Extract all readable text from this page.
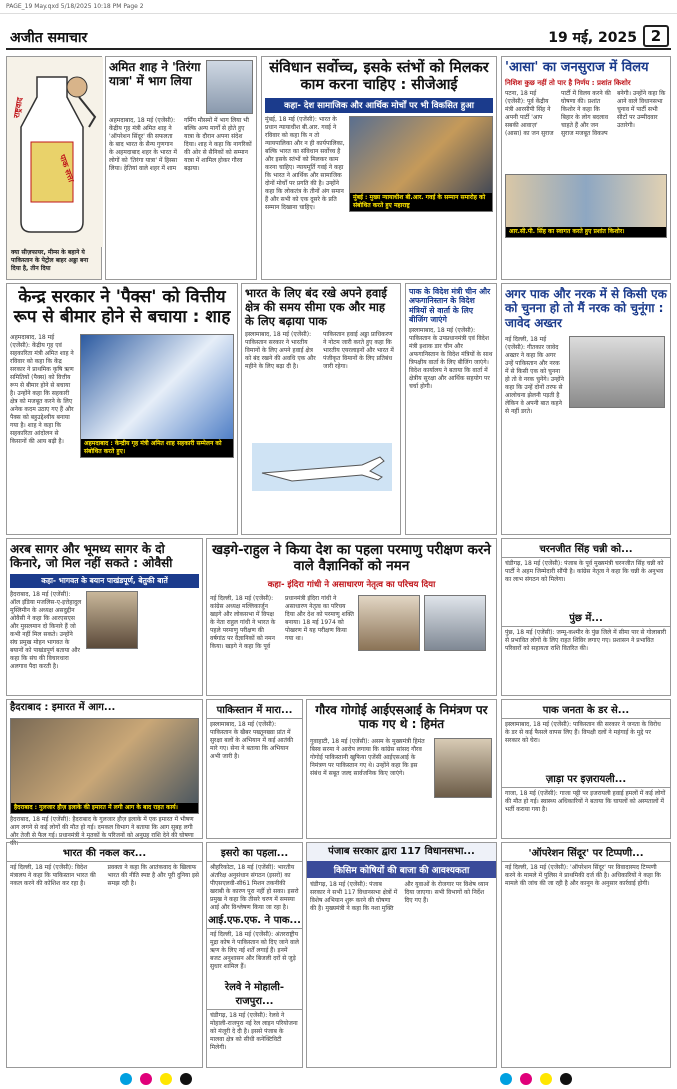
PAGE_19 May.qxd 5/18/2025 10:18 PM Page 2
अजीत समाचार	19 मई, 2025 2
राष्ट्रवाद
पाक सत्ता
क्या सीज़फायर, मीम्स के बहाने ये पाकिस्तान के पेट्रोल बाहर अड्डा बना दिया है, तीन दिया
अमित शाह ने 'तिरंगा यात्रा' में भाग लिया
अहमदाबाद, 18 मई (एजेंसी): केंद्रीय गृह मंत्री अमित शाह ने 'ऑपरेशन सिंदूर' की सफलता के बाद भारत के सैन्य गुणगान के अहमदाबाद शहर के भारत में लोगों को 'तिरंगा यात्रा' में हिस्सा लिया। हेतियां वाले शहर में शाम गर्मिंग मौसमों में भाग लिया भी बल्कि अन्य मार्गों से होते हुए यात्रा के दौरान अपना संदेश दिया। शाह ने कहा कि नागरिकों की ओर से सैनिकों को सम्मान यात्रा में शामिल होकर गौरव बढ़ाया।
संविधान सर्वोच्च, इसके स्तंभों को मिलकर काम करना चाहिए : सीजेआई
कहा- देश सामाजिक और आर्थिक मोर्चों पर भी विकसित हुआ
मुंबई, 18 मई (एजेंसी): भारत के प्रधान न्यायाधीश बी.आर. गवई ने रविवार को कहा कि न तो न्यायपालिका और न ही कार्यपालिका, बल्कि भारत का संविधान सर्वोच्च है और इसके स्तंभों को मिलकर काम करना चाहिए। न्यायमूर्ति गवई ने कहा कि भारत ने आर्थिक और सामाजिक दोनों मोर्चों पर प्रगति की है। उन्होंने कहा कि लोकतंत्र के तीनों अंग समान हैं और सभी को एक दूसरे के प्रति सम्मान दिखाना चाहिए।
मुंबई : मुख्य न्यायाधीश बी.आर. गवई के सम्मान समारोह को संबोधित करते हुए महाराष्ट्र
'आसा' का जनसुराज में विलय
निशिश कुछ नहीं तो पार है निर्णय : प्रशांत किशोर
पटना, 18 मई (एजेंसी): पूर्व केंद्रीय मंत्री आरसीपी सिंह ने अपनी पार्टी 'आप सबकी आवाज़' (आसा) का जन सुराज पार्टी में विलय करने की घोषणा की। प्रशांत किशोर ने कहा कि बिहार के लोग बदलाव चाहते हैं और जन सुराज मजबूत विकल्प बनेगी। उन्होंने कहा कि आने वाले विधानसभा चुनाव में पार्टी सभी सीटों पर उम्मीदवार उतारेगी।
आर.सी.पी. सिंह का स्वागत करते हुए प्रशांत किशोर।
केन्द्र सरकार ने 'पैक्स' को वित्तीय रूप से बीमार होने से बचाया : शाह
अहमदाबाद, 18 मई (एजेंसी): केंद्रीय गृह एवं सहकारिता मंत्री अमित शाह ने रविवार को कहा कि केंद्र सरकार ने प्राथमिक कृषि ऋण समितियों (पैक्स) को वित्तीय रूप से बीमार होने से बचाया है। उन्होंने कहा कि सहकारी क्षेत्र को मजबूत करने के लिए अनेक कदम उठाए गए हैं और पैक्स को बहुउद्देश्यीय बनाया गया है। शाह ने कहा कि सहकारिता आंदोलन से किसानों की आय बढ़ी है।	अहमदाबाद : केन्द्रीय गृह मंत्री अमित शाह सहकारी सम्मेलन को संबोधित करते हुए।
भारत के लिए बंद रखे अपने हवाई क्षेत्र की समय सीमा एक और माह के लिए बढ़ाया पाक
इस्लामाबाद, 18 मई (एजेंसी): पाकिस्तान सरकार ने भारतीय विमानों के लिए अपने हवाई क्षेत्र को बंद रखने की अवधि एक और महीने के लिए बढ़ा दी है। पाकिस्तान हवाई अड्डा प्राधिकरण ने नोटम जारी करते हुए कहा कि भारतीय एयरलाइनों और भारत में पंजीकृत विमानों के लिए प्रतिबंध जारी रहेगा।
पाक के विदेश मंत्री चीन और अफगानिस्तान के विदेश मंत्रियों से वार्ता के लिए बीजिंग जाएंगे
इस्लामाबाद, 18 मई (एजेंसी): पाकिस्तान के उपप्रधानमंत्री एवं विदेश मंत्री इशाक डार चीन और अफगानिस्तान के विदेश मंत्रियों के साथ त्रिपक्षीय वार्ता के लिए बीजिंग जाएंगे। विदेश कार्यालय ने बताया कि वार्ता में क्षेत्रीय सुरक्षा और आर्थिक सहयोग पर चर्चा होगी।
अगर पाक और नरक में से किसी एक को चुनना हो तो मैं नरक को चुनूंगा : जावेद अख्तर
नई दिल्ली, 18 मई (एजेंसी): गीतकार जावेद अख्तर ने कहा कि अगर उन्हें पाकिस्तान और नरक में से किसी एक को चुनना हो तो वे नरक चुनेंगे। उन्होंने कहा कि उन्हें दोनों तरफ से आलोचना झेलनी पड़ती है लेकिन वे अपनी बात कहने से नहीं डरते।
अरब सागर और भूमध्य सागर के दो किनारे, जो मिल नहीं सकते : ओवैसी
कहा- भागवत के बयान पाखंडपूर्ण, बेतुकी बातें
हैदराबाद, 18 मई (एजेंसी): ऑल इंडिया मजलिस-ए-इत्तेहादुल मुस्लिमीन के अध्यक्ष असदुद्दीन ओवैसी ने कहा कि आरएसएस और मुसलमान दो किनारे हैं जो कभी नहीं मिल सकते। उन्होंने संघ प्रमुख मोहन भागवत के बयानों को पाखंडपूर्ण बताया और कहा कि संघ की विचारधारा अलगाव पैदा करती है।
खड़गे-राहुल ने किया देश का पहला परमाणु परीक्षण करने वाले वैज्ञानिकों को नमन
कहा- इंदिरा गांधी ने असाधारण नेतृत्व का परिचय दिया
नई दिल्ली, 18 मई (एजेंसी): कांग्रेस अध्यक्ष मल्लिकार्जुन खड़गे और लोकसभा में विपक्ष के नेता राहुल गांधी ने भारत के पहले परमाणु परीक्षण की वर्षगांठ पर वैज्ञानिकों को नमन किया। खड़गे ने कहा कि पूर्व प्रधानमंत्री इंदिरा गांधी ने असाधारण नेतृत्व का परिचय दिया और देश को परमाणु शक्ति बनाया। 18 मई 1974 को पोखरण में यह परीक्षण किया गया था।
चरनजीत सिंह चन्नी को...
चंडीगढ़, 18 मई (एजेंसी): पंजाब के पूर्व मुख्यमंत्री चरनजीत सिंह चन्नी को पार्टी ने अहम जिम्मेदारी सौंपी है। कांग्रेस नेतृत्व ने कहा कि चन्नी के अनुभव का लाभ संगठन को मिलेगा।
पुंछ में...
पुंछ, 18 मई (एजेंसी): जम्मू-कश्मीर के पुंछ जिले में सीमा पार से गोलाबारी से प्रभावित लोगों के लिए राहत शिविर लगाए गए। प्रशासन ने प्रभावित परिवारों को सहायता राशि वितरित की।
हैदराबाद : इमारत में आग...
हैदराबाद : गुलजार हौज़ इलाके की इमारत में लगी आग के बाद राहत कार्य।
हैदराबाद, 18 मई (एजेंसी): हैदराबाद के गुलजार हौज़ इलाके में एक इमारत में भीषण आग लगने से कई लोगों की मौत हो गई। दमकल विभाग ने बताया कि आग सुबह लगी और तेजी से फैल गई। प्रधानमंत्री ने मृतकों के परिजनों को अनुग्रह राशि देने की घोषणा की।
पाकिस्तान में मारा...
इस्लामाबाद, 18 मई (एजेंसी): पाकिस्तान के खैबर पख्तूनख्वा प्रांत में सुरक्षा बलों के अभियान में कई आतंकी मारे गए। सेना ने बताया कि अभियान अभी जारी है।
गौरव गोगोई आईएसआई के निमंत्रण पर पाक गए थे : हिमंत
गुवाहाटी, 18 मई (एजेंसी): असम के मुख्यमंत्री हिमंत बिस्व सरमा ने आरोप लगाया कि कांग्रेस सांसद गौरव गोगोई पाकिस्तानी खुफिया एजेंसी आईएसआई के निमंत्रण पर पाकिस्तान गए थे। उन्होंने कहा कि इस संबंध में सबूत जल्द सार्वजनिक किए जाएंगे।
पाक जनता के डर से...
इस्लामाबाद, 18 मई (एजेंसी): पाकिस्तान की सरकार ने जनता के विरोध के डर से कई फैसले वापस लिए हैं। विपक्षी दलों ने महंगाई के मुद्दे पर सरकार को घेरा।
ज़ाड़ा पर इज़रायली...
गाजा, 18 मई (एजेंसी): गाजा पट्टी पर इजरायली हवाई हमलों में कई लोगों की मौत हो गई। स्वास्थ्य अधिकारियों ने बताया कि घायलों को अस्पतालों में भर्ती कराया गया है।
भारत की नकल कर...
नई दिल्ली, 18 मई (एजेंसी): विदेश मंत्रालय ने कहा कि पाकिस्तान भारत की नकल करने की कोशिश कर रहा है। प्रवक्ता ने कहा कि आतंकवाद के खिलाफ भारत की नीति स्पष्ट है और पूरी दुनिया इसे समझ रही है।
इसरो का पहला...
श्रीहरिकोटा, 18 मई (एजेंसी): भारतीय अंतरिक्ष अनुसंधान संगठन (इसरो) का पीएसएलवी-सी61 मिशन तकनीकी खराबी के कारण पूरा नहीं हो सका। इसरो प्रमुख ने कहा कि तीसरे चरण में समस्या आई और विश्लेषण किया जा रहा है।
आई.एफ.एफ. ने पाक...
नई दिल्ली, 18 मई (एजेंसी): अंतरराष्ट्रीय मुद्रा कोष ने पाकिस्तान को दिए जाने वाले ऋण के लिए नई शर्तें लगाई हैं। इनमें बजट अनुशासन और बिजली दरों से जुड़े सुधार शामिल हैं।
रेलवे ने मोहाली-राजपुरा...
चंडीगढ़, 18 मई (एजेंसी): रेलवे ने मोहाली-राजपुरा नई रेल लाइन परियोजना को मंजूरी दे दी है। इससे पंजाब के मालवा क्षेत्र को सीधी कनेक्टिविटी मिलेगी।
पंजाब सरकार द्वारा 117 विधानसभा...
किसिम कोषियों की बाजा की आवश्यकता
चंडीगढ़, 18 मई (एजेंसी): पंजाब सरकार ने सभी 117 विधानसभा क्षेत्रों में विशेष अभियान शुरू करने की घोषणा की है। मुख्यमंत्री ने कहा कि नशा मुक्ति और युवाओं के रोजगार पर विशेष ध्यान दिया जाएगा। सभी विभागों को निर्देश दिए गए हैं।
'ऑपरेशन सिंदूर' पर टिप्पणी...
नई दिल्ली, 18 मई (एजेंसी): 'ऑपरेशन सिंदूर' पर विवादास्पद टिप्पणी करने के मामले में पुलिस ने प्राथमिकी दर्ज की है। अधिकारियों ने कहा कि मामले की जांच की जा रही है और कानून के अनुसार कार्रवाई होगी।
